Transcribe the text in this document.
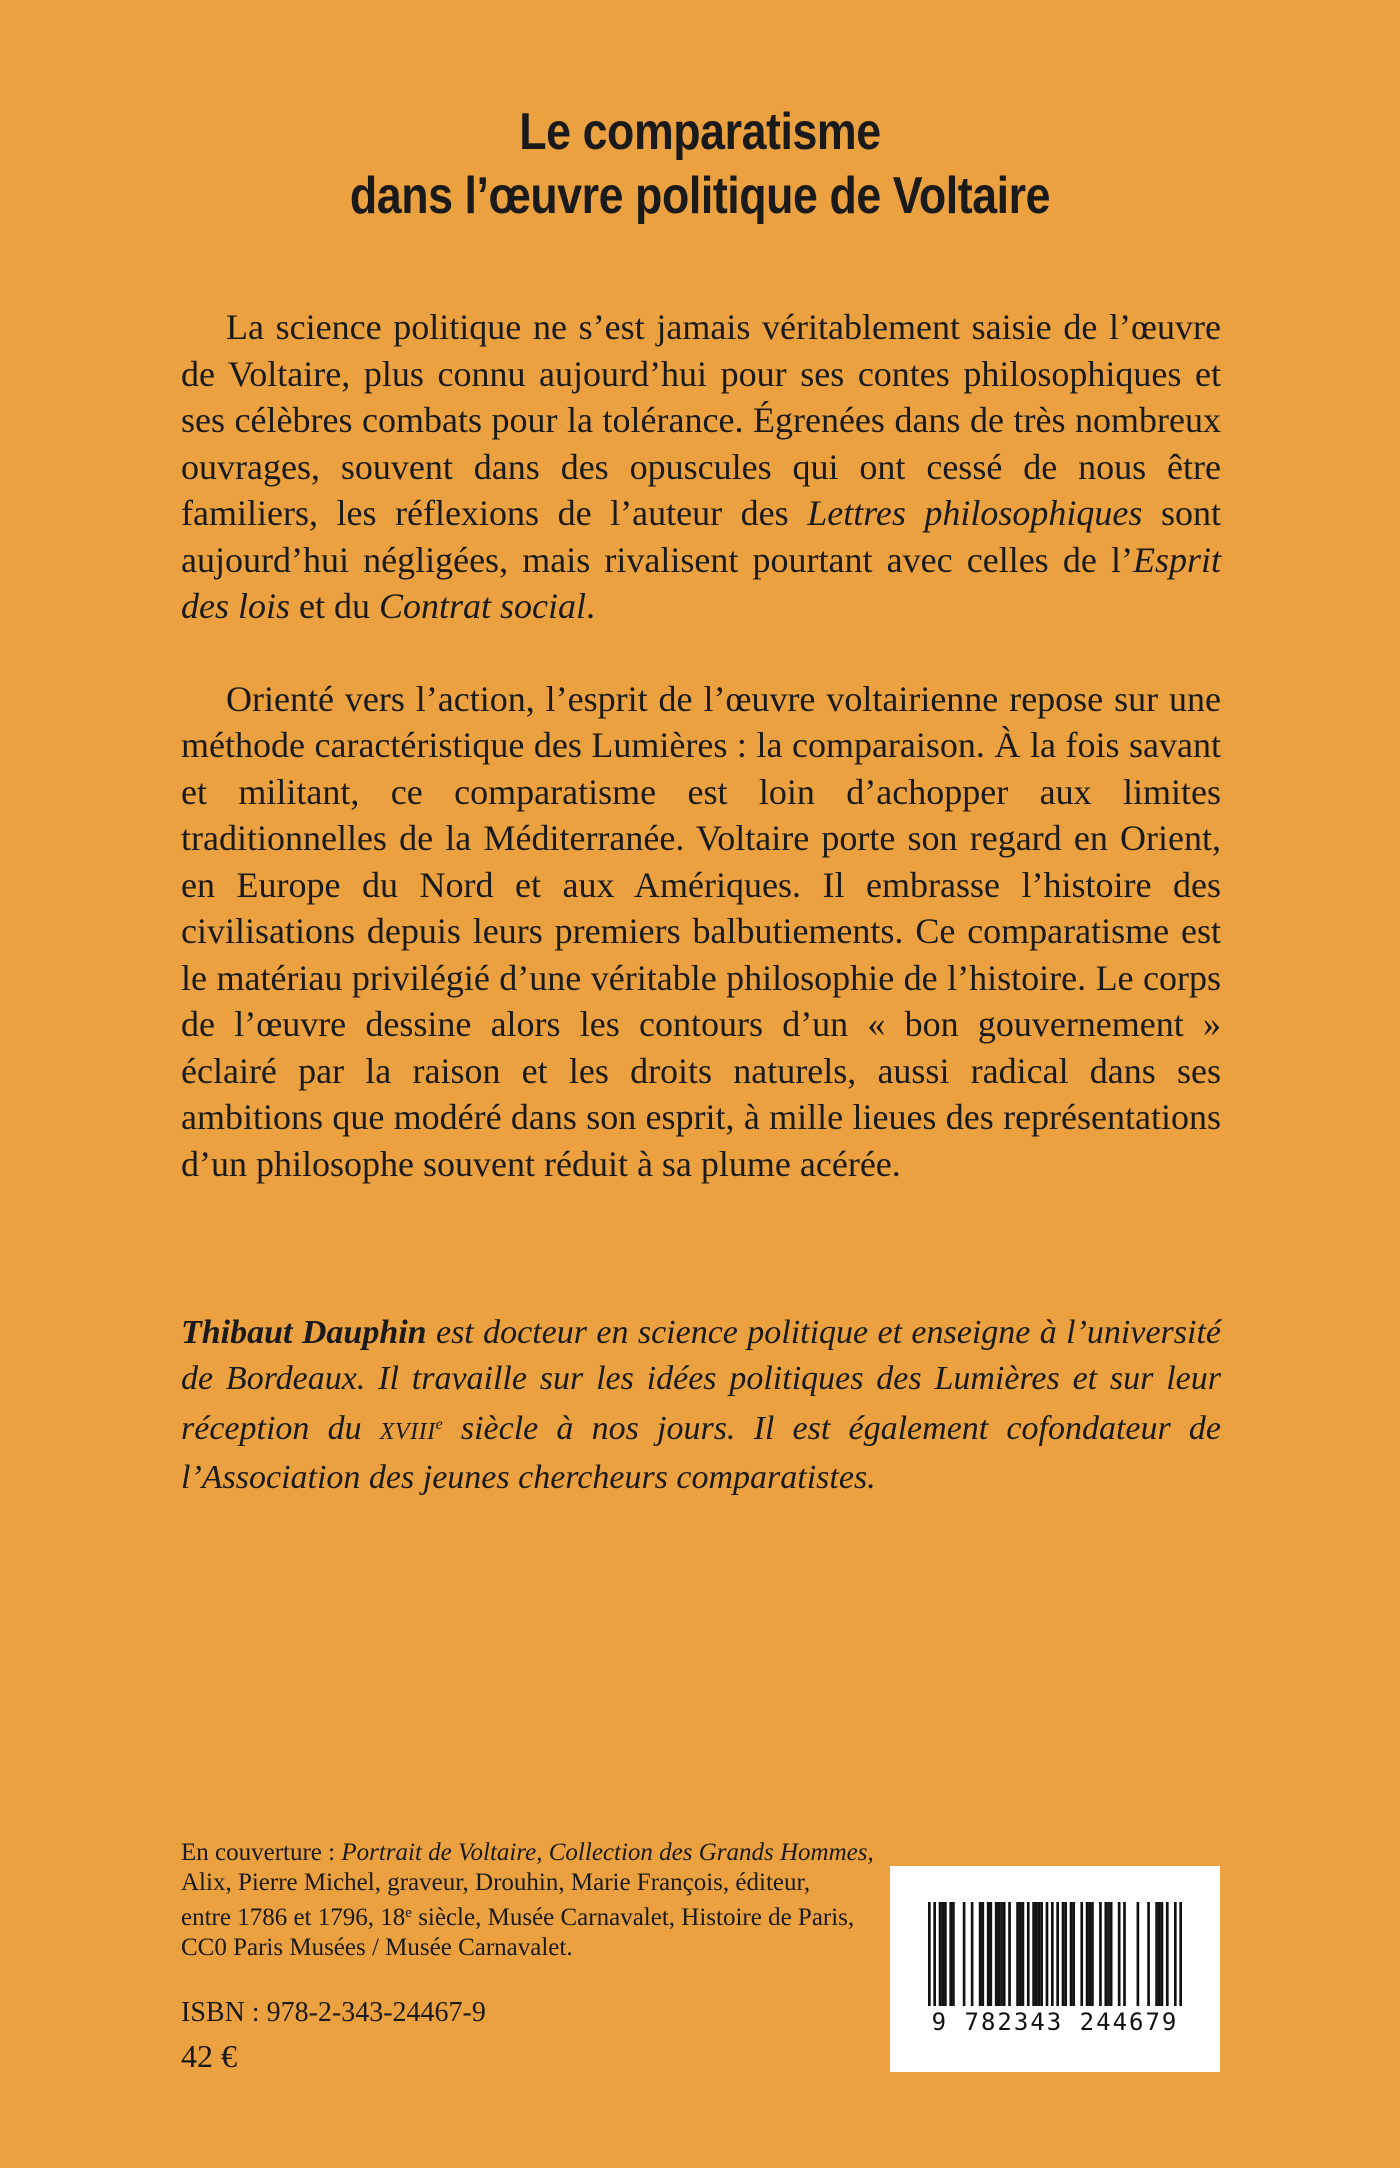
Le comparatisme
dans l’œuvre politique de Voltaire

La science politique ne s’est jamais véritablement saisie de l’œuvre de Voltaire, plus connu aujourd’hui pour ses contes philosophiques et ses célèbres combats pour la tolérance. Égrenées dans de très nombreux ouvrages, souvent dans des opuscules qui ont cessé de nous être familiers, les réflexions de l’auteur des Lettres philosophiques sont aujourd’hui négligées, mais rivalisent pourtant avec celles de l’Esprit des lois et du Contrat social.

Orienté vers l’action, l’esprit de l’œuvre voltairienne repose sur une méthode caractéristique des Lumières : la comparaison. À la fois savant et militant, ce comparatisme est loin d’achopper aux limites traditionnelles de la Méditerranée. Voltaire porte son regard en Orient, en Europe du Nord et aux Amériques. Il embrasse l’histoire des civilisations depuis leurs premiers balbutiements. Ce comparatisme est le matériau privilégié d’une véritable philosophie de l’histoire. Le corps de l’œuvre dessine alors les contours d’un « bon gouvernement » éclairé par la raison et les droits naturels, aussi radical dans ses ambitions que modéré dans son esprit, à mille lieues des représentations d’un philosophe souvent réduit à sa plume acérée.

Thibaut Dauphin est docteur en science politique et enseigne à l’université de Bordeaux. Il travaille sur les idées politiques des Lumières et sur leur réception du XVIIIe siècle à nos jours. Il est également cofondateur de l’Association des jeunes chercheurs comparatistes.
En couverture : Portrait de Voltaire, Collection des Grands Hommes,
Alix, Pierre Michel, graveur, Drouhin, Marie François, éditeur,
entre 1786 et 1796, 18e siècle, Musée Carnavalet, Histoire de Paris,
CC0 Paris Musées / Musée Carnavalet.
ISBN : 978-2-343-24467-9
42 €
9 782343 244679
